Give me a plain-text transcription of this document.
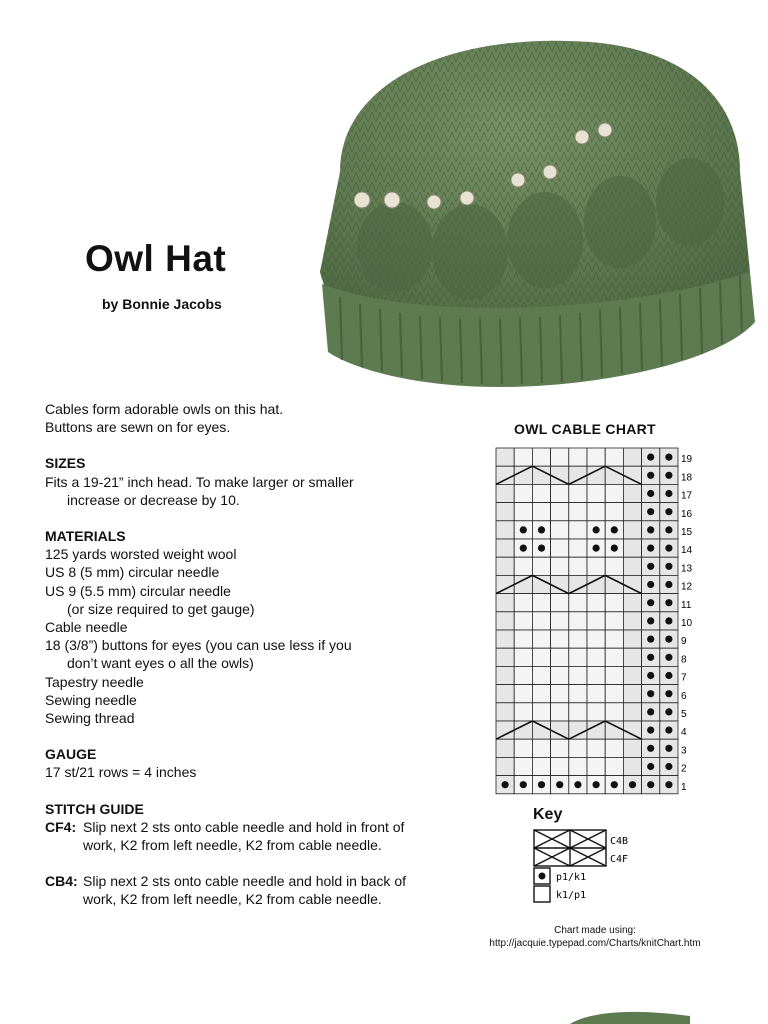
Owl Hat
by Bonnie Jacobs

Cables form adorable owls on this hat.

Buttons are sewn on for eyes.

SIZES

Fits a 19-21” inch head. To make larger or smaller

increase or decrease by 10.

MATERIALS

125 yards worsted weight wool

US 8 (5 mm) circular needle

US 9 (5.5 mm) circular needle

(or size required to get gauge)

Cable needle

18 (3/8”) buttons for eyes (you can use less if you

don’t want eyes o all the owls)

Tapestry needle

Sewing needle

Sewing thread

GAUGE

17 st/21 rows = 4 inches

STITCH GUIDE

CF4: Slip next 2 sts onto cable needle and hold in front of work, K2 from left needle, K2 from cable needle.
CB4: Slip next 2 sts onto cable needle and hold in back of work, K2 from left needle, K2 from cable needle.
OWL CABLE CHART
19
18
17
16
15
14
13
12
11
10
9
8
7
6
5
4
3
2
1
Key
C4B
C4F
p1/k1
k1/p1
Chart made using:
http://jacquie.typepad.com/Charts/knitChart.htm
